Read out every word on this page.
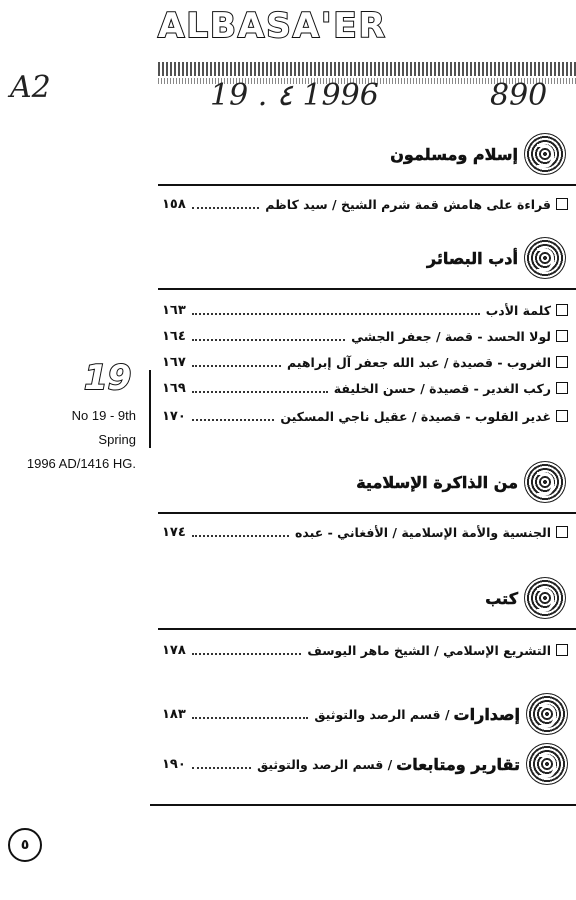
ALBASA'ER
A2	19 . ٤ 1996	890
19
No 19 - 9th
Spring
1996 AD/1416 HG.
إسلام ومسلمون
قراءة على هامش قمة شرم الشيخ / سيد كاظم
١٥٨
أدب البصائر
كلمة الأدب
١٦٣
لولا الحسد - قصة / جعفر الجشي
١٦٤
الغروب - قصيدة / عبد الله جعفر آل إبراهيم
١٦٧
ركب الغدير - قصيدة / حسن الخليفة
١٦٩
غدير القلوب - قصيدة / عقيل ناجي المسكين
١٧٠
من الذاكرة الإسلامية
الجنسية والأمة الإسلامية / الأفغاني - عبده
١٧٤
كتب
التشريع الإسلامي / الشيخ ماهر اليوسف
١٧٨
إصدارات
/ قسم الرصد والتوثيق
١٨٣
تقارير ومتابعات
/ قسم الرصد والتوثيق
١٩٠
٥
